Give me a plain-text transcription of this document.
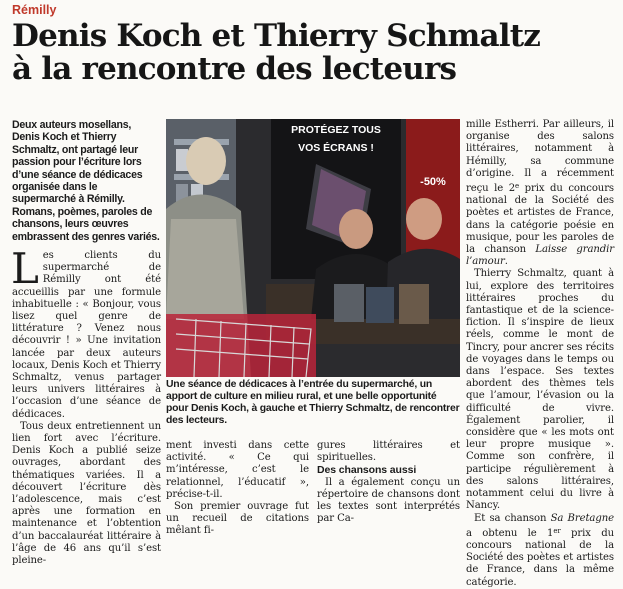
Rémilly
Denis Koch et Thierry Schmaltz
à la rencontre des lecteurs
Deux auteurs mosellans, Denis Koch et Thierry Schmaltz, ont partagé leur passion pour l’écriture lors d’une séance de dédicaces organisée dans le supermarché à Rémilly. Romans, poèmes, paroles de chansons, leurs œuvres embrassent des genres variés.

Les clients du supermarché de Rémilly ont été accueillis par une formule inhabituelle : « Bonjour, vous lisez quel genre de littérature ? Venez nous découvrir ! » Une invitation lancée par deux auteurs locaux, Denis Koch et Thierry Schmaltz, venus partager leurs univers littéraires à l’occasion d’une séance de dédicaces.

Tous deux entretiennent un lien fort avec l’écriture. Denis Koch a publié seize ouvrages, abordant des thématiques variées. Il a découvert l’écriture dès l’adolescence, mais c’est après une formation en maintenance et l’obtention d’un baccalauréat littéraire à l’âge de 46 ans qu’il s’est pleine-

PROTÉGEZ TOUS
VOS ÉCRANS !
-50%
Une séance de dédicaces à l’entrée du supermarché, un apport de culture en milieu rural, et une belle opportunité pour Denis Koch, à gauche et Thierry Schmaltz, de rencontrer des lecteurs.

ment investi dans cette activité. « Ce qui m’intéresse, c’est le relationnel, l’éducatif », précise-t-il.

Son premier ouvrage fut un recueil de citations mêlant fi-

gures littéraires et spirituelles.

Des chansons aussi

Il a également conçu un répertoire de chansons dont les textes sont interprétés par Ca-

mille Estherri. Par ailleurs, il organise des salons littéraires, notamment à Hémilly, sa commune d’origine. Il a récemment reçu le 2e prix du concours national de la Société des poètes et artistes de France, dans la catégorie poésie en musique, pour les paroles de la chanson Laisse grandir l’amour.

Thierry Schmaltz, quant à lui, explore des territoires littéraires proches du fantastique et de la science-fiction. Il s’inspire de lieux réels, comme le mont de Tincry, pour ancrer ses récits de voyages dans le temps ou dans l’espace. Ses textes abordent des thèmes tels que l’amour, l’évasion ou la difficulté de vivre. Également parolier, il considère que « les mots ont leur propre musique ». Comme son confrère, il participe régulièrement à des salons littéraires, notamment celui du livre à Nancy.

Et sa chanson Sa Bretagne a obtenu le 1er prix du concours national de la Société des poètes et artistes de France, dans la même catégorie.
